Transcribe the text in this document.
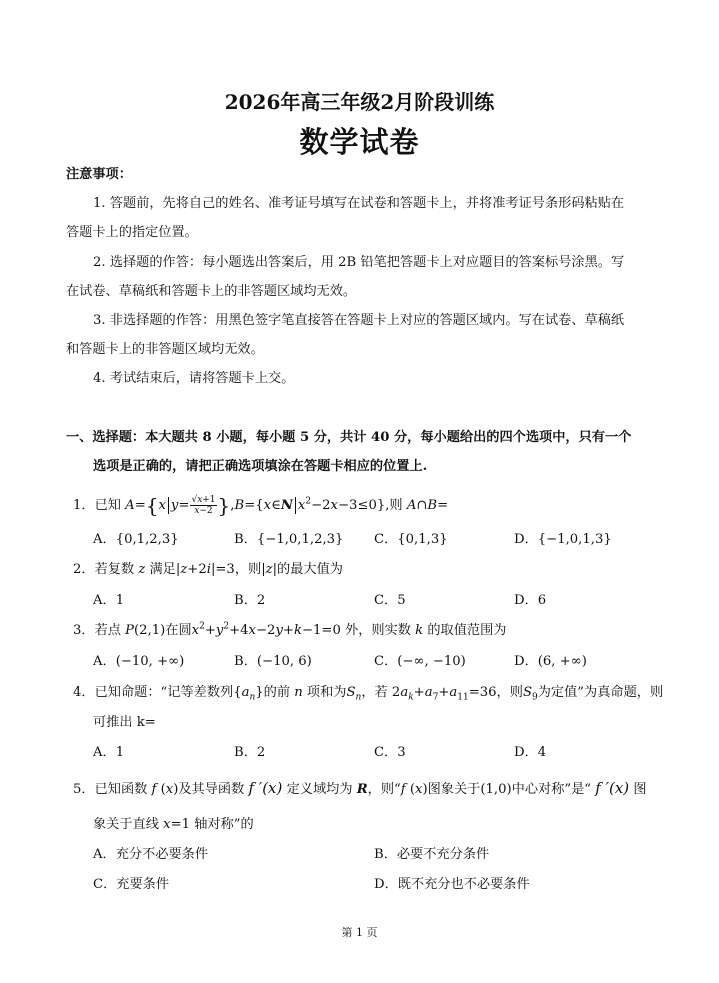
2026年高三年级2月阶段训练
数学试卷
注意事项：
1. 答题前，先将自己的姓名、准考证号填写在试卷和答题卡上，并将准考证号条形码粘贴在
答题卡上的指定位置。
2. 选择题的作答：每小题选出答案后，用 2B 铅笔把答题卡上对应题目的答案标号涂黑。写
在试卷、草稿纸和答题卡上的非答题区域均无效。
3. 非选择题的作答：用黑色签字笔直接答在答题卡上对应的答题区域内。写在试卷、草稿纸
和答题卡上的非答题区域均无效。
4. 考试结束后，请将答题卡上交。
一、选择题：本大题共 8 小题，每小题 5 分，共计 40 分，每小题给出的四个选项中，只有一个
选项是正确的，请把正确选项填涂在答题卡相应的位置上.
1．已知 A={x $y= \frac{√x+1}{x-2}$ },B={x∈N $x^2-2x-3\le 0$},则 A∩B=
A．{0,1,2,3}	B．{−1,0,1,2,3} C．{0,1,3}	D．{−1,0,1,3}
2．若复数 z 满足|z+2i|=3，则|z|的最大值为
A．1	B．2	C．5	D．6
3．若点 P(2,1)在圆$x^2+y^2+4x-2y+k-1=0$ 外，则实数 k 的取值范围为
A．(−10, +∞)	B．(−10, 6)	C．(−∞, −10)	D．(6, +∞)
4．已知命题：“记等差数列$\{a_n\}$的前 n 项和为$S_n$，若 $2a_k+a_7+a_{11}=36$，则$S_9$为定值”为真命题，则
可推出 k=
A．1	B．2	C．3	D．4
5．已知函数 f (x)及其导函数 f ′(x) 定义域均为 R，则“f (x)图象关于(1,0)中心对称”是“ f ′(x) 图
象关于直线 x=1 轴对称”的
A．充分不必要条件	B．必要不充分条件
C．充要条件	D．既不充分也不必要条件
第 1 页
